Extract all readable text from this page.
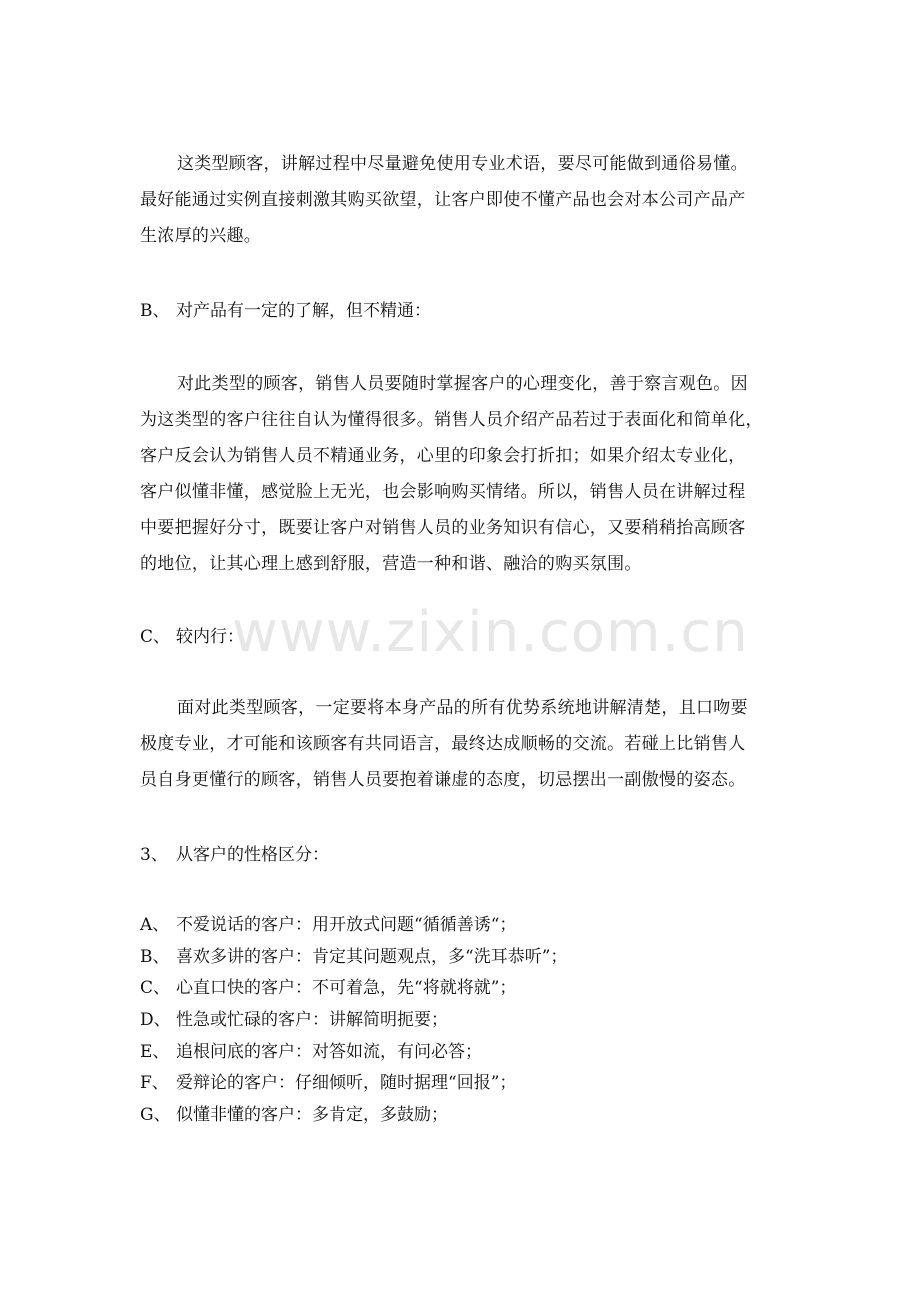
这类型顾客，讲解过程中尽量避免使用专业术语，要尽可能做到通俗易懂。
最好能通过实例直接刺激其购买欲望，让客户即使不懂产品也会对本公司产品产
生浓厚的兴趣。

B、 对产品有一定的了解，但不精通：

对此类型的顾客，销售人员要随时掌握客户的心理变化，善于察言观色。因
为这类型的客户往往自认为懂得很多。销售人员介绍产品若过于表面化和简单化，
客户反会认为销售人员不精通业务，心里的印象会打折扣；如果介绍太专业化，
客户似懂非懂，感觉脸上无光，也会影响购买情绪。所以，销售人员在讲解过程
中要把握好分寸，既要让客户对销售人员的业务知识有信心，又要稍稍抬高顾客
的地位，让其心理上感到舒服，营造一种和谐、融洽的购买氛围。

C、 较内行：

面对此类型顾客，一定要将本身产品的所有优势系统地讲解清楚，且口吻要
极度专业，才可能和该顾客有共同语言，最终达成顺畅的交流。若碰上比销售人
员自身更懂行的顾客，销售人员要抱着谦虚的态度，切忌摆出一副傲慢的姿态。

3、 从客户的性格区分：

A、 不爱说话的客户：用开放式问题“循循善诱“；
B、 喜欢多讲的客户：肯定其问题观点，多“洗耳恭听”；
C、 心直口快的客户：不可着急，先“将就将就”；
D、 性急或忙碌的客户：讲解简明扼要；
E、 追根问底的客户：对答如流，有问必答；
F、 爱辩论的客户：仔细倾听，随时据理“回报”；
G、 似懂非懂的客户：多肯定，多鼓励；
www.zixin.com.cn
